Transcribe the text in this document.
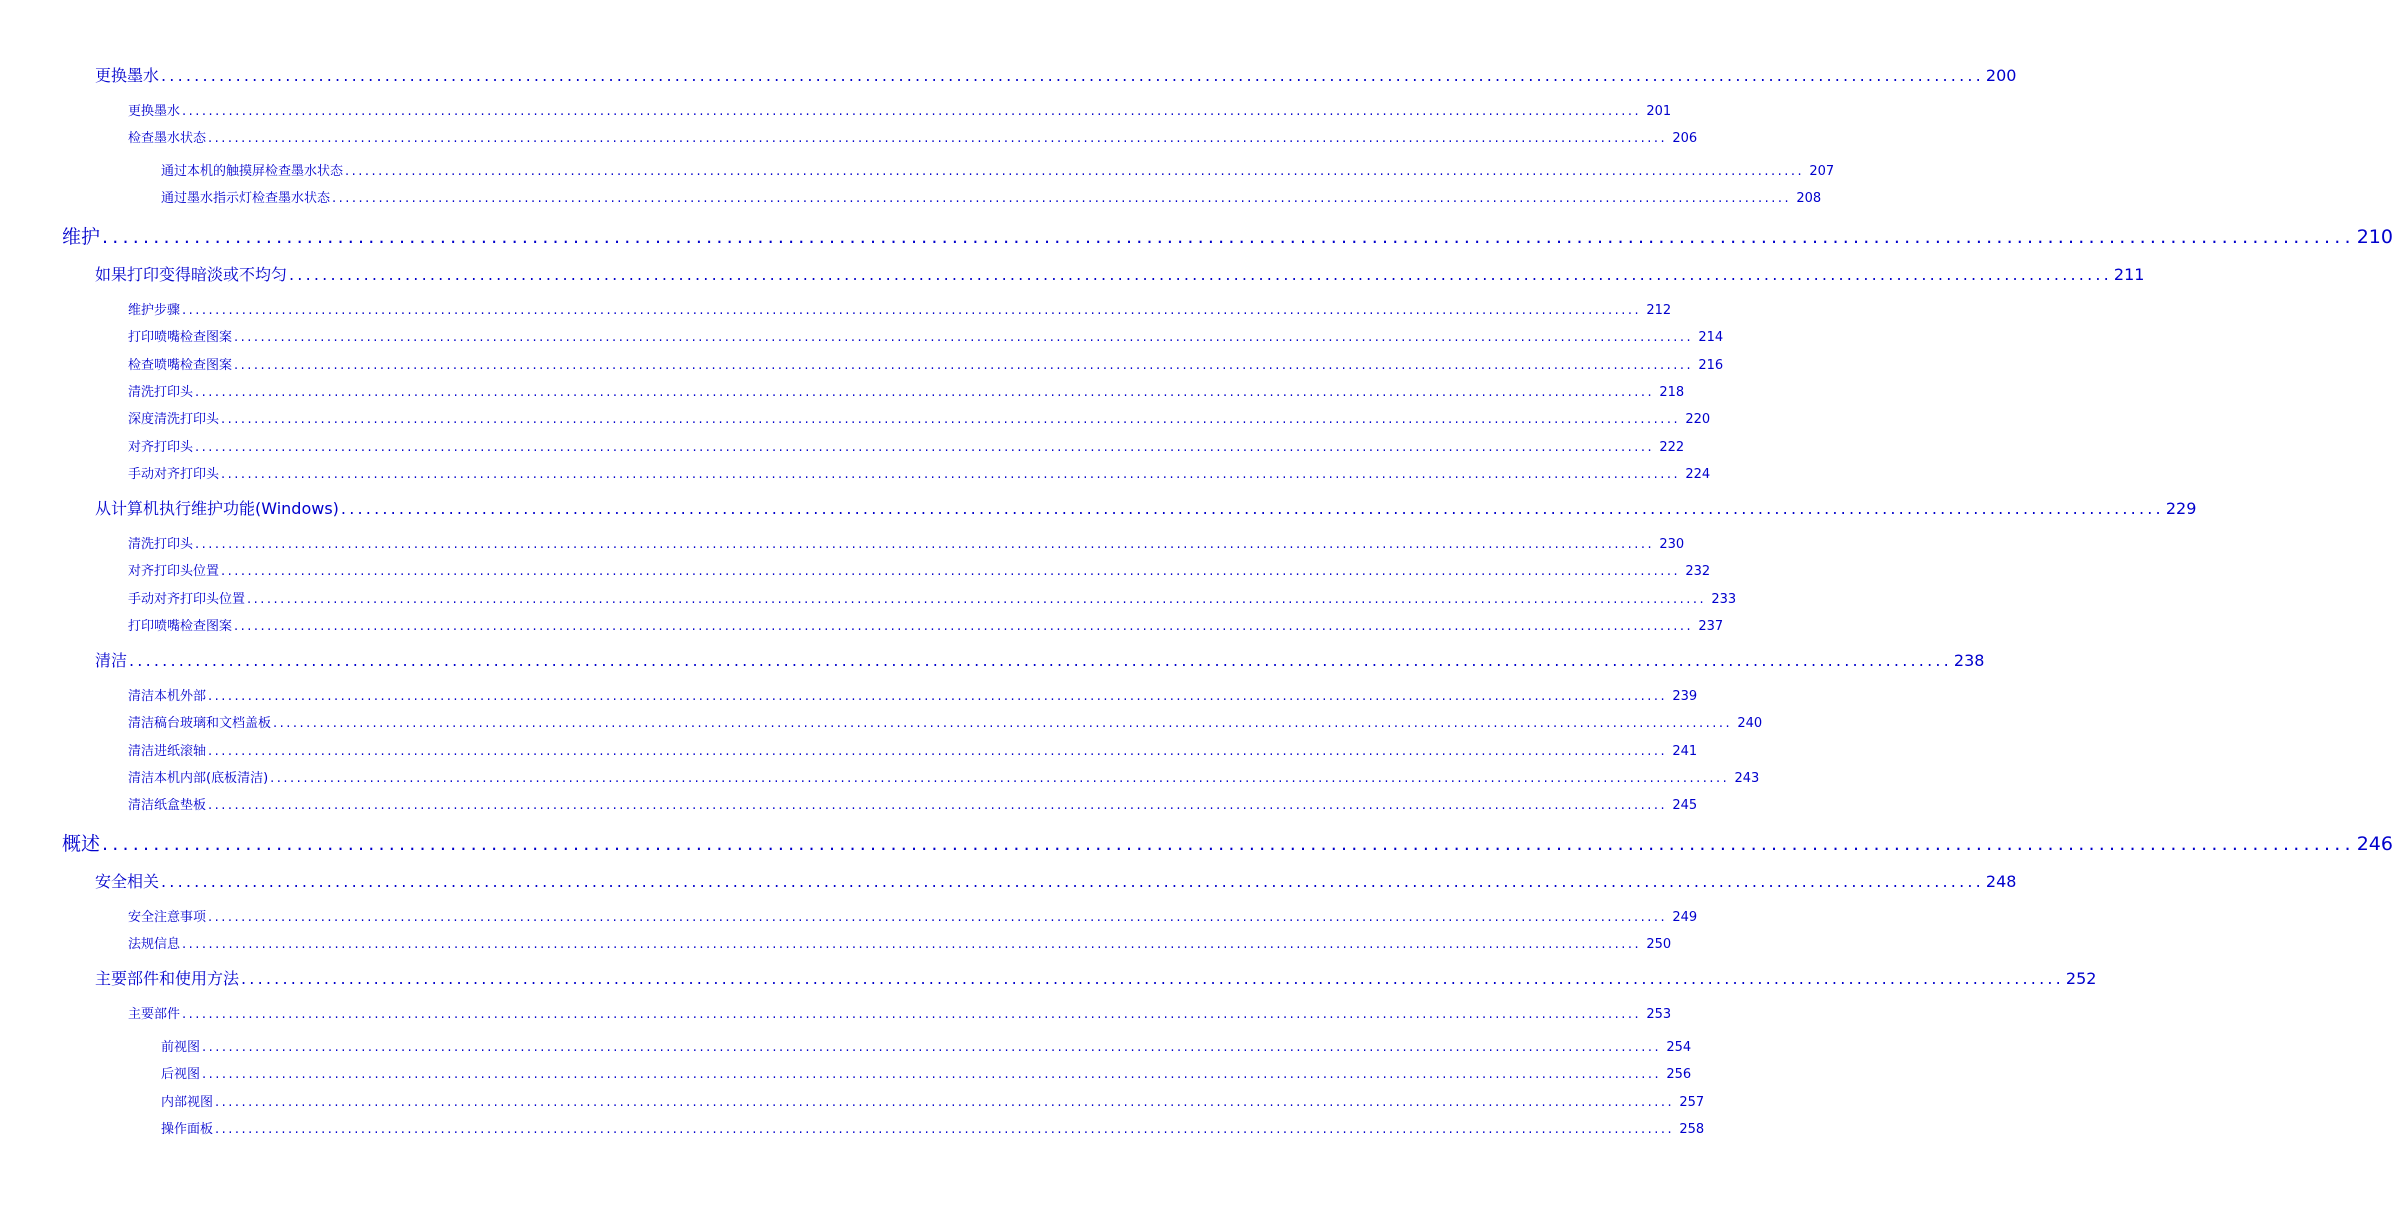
更换墨水 ............................................................................................................................................................................................................................ 200
更换墨水 ............................................................................................................................................................................................................................ 201
检查墨水状态 ............................................................................................................................................................................................................................ 206
通过本机的触摸屏检查墨水状态 ............................................................................................................................................................................................................................ 207
通过墨水指示灯检查墨水状态 ............................................................................................................................................................................................................................ 208
维护 ............................................................................................................................................................................................................................ 210
如果打印变得暗淡或不均匀 ............................................................................................................................................................................................................................ 211
维护步骤 ............................................................................................................................................................................................................................ 212
打印喷嘴检查图案 ............................................................................................................................................................................................................................ 214
检查喷嘴检查图案 ............................................................................................................................................................................................................................ 216
清洗打印头 ............................................................................................................................................................................................................................ 218
深度清洗打印头 ............................................................................................................................................................................................................................ 220
对齐打印头 ............................................................................................................................................................................................................................ 222
手动对齐打印头 ............................................................................................................................................................................................................................ 224
从计算机执行维护功能(Windows) ............................................................................................................................................................................................................................ 229
清洗打印头 ............................................................................................................................................................................................................................ 230
对齐打印头位置 ............................................................................................................................................................................................................................ 232
手动对齐打印头位置 ............................................................................................................................................................................................................................ 233
打印喷嘴检查图案 ............................................................................................................................................................................................................................ 237
清洁 ............................................................................................................................................................................................................................ 238
清洁本机外部 ............................................................................................................................................................................................................................ 239
清洁稿台玻璃和文档盖板 ............................................................................................................................................................................................................................ 240
清洁进纸滚轴 ............................................................................................................................................................................................................................ 241
清洁本机内部(底板清洁) ............................................................................................................................................................................................................................ 243
清洁纸盒垫板 ............................................................................................................................................................................................................................ 245
概述 ............................................................................................................................................................................................................................ 246
安全相关 ............................................................................................................................................................................................................................ 248
安全注意事项 ............................................................................................................................................................................................................................ 249
法规信息 ............................................................................................................................................................................................................................ 250
主要部件和使用方法 ............................................................................................................................................................................................................................ 252
主要部件 ............................................................................................................................................................................................................................ 253
前视图 ............................................................................................................................................................................................................................ 254
后视图 ............................................................................................................................................................................................................................ 256
内部视图 ............................................................................................................................................................................................................................ 257
操作面板 ............................................................................................................................................................................................................................ 258
